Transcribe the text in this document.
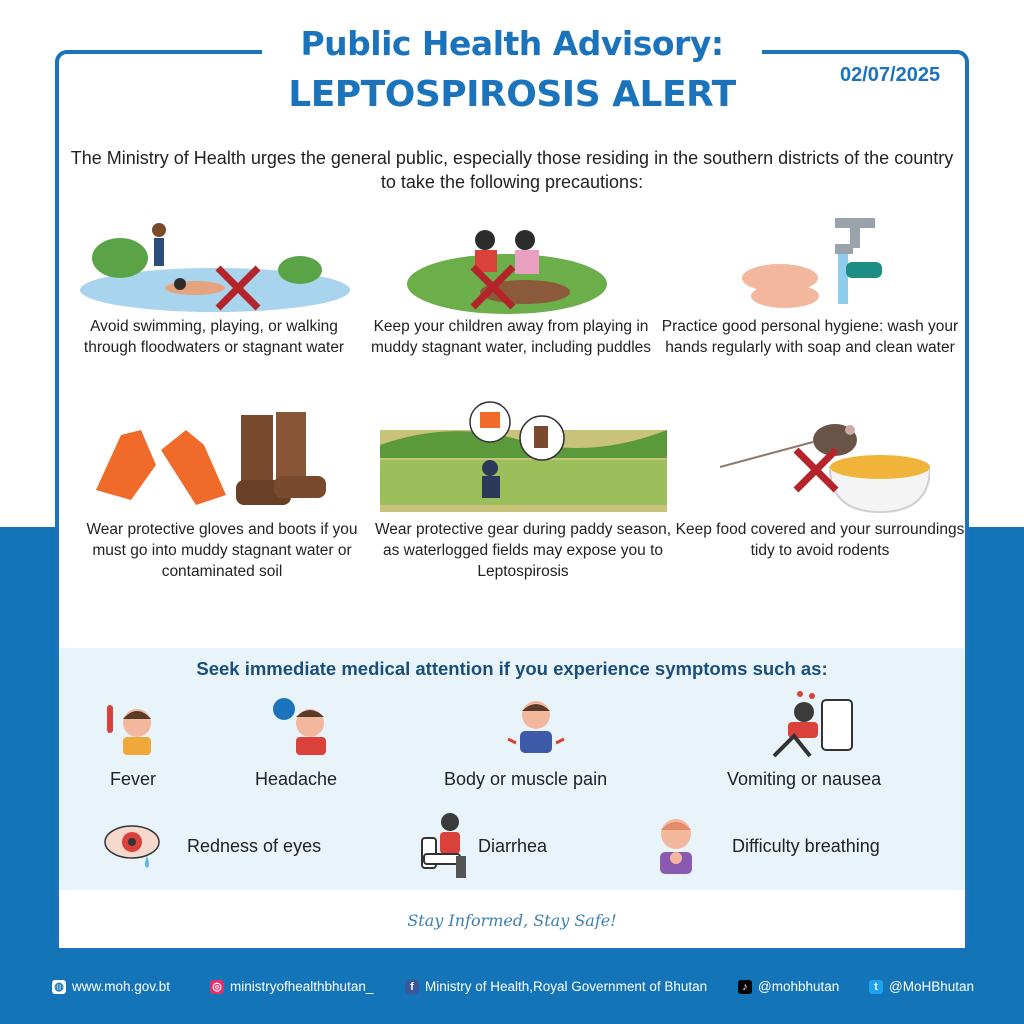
Public Health Advisory:
LEPTOSPIROSIS ALERT	02/07/2025
The Ministry of Health urges the general public, especially those residing in the southern districts of the country to take the following precautions:
Avoid swimming, playing, or walking through floodwaters or stagnant water
Keep your children away from playing in muddy stagnant water, including puddles
Practice good personal hygiene: wash your hands regularly with soap and clean water
Wear protective gloves and boots if you must go into muddy stagnant water or contaminated soil
Wear protective gear during paddy season, as waterlogged fields may expose you to Leptospirosis
Keep food covered and your surroundings tidy to avoid rodents
Seek immediate medical attention if you experience symptoms such as:
Fever	Headache	Body or muscle pain	Vomiting or nausea
Redness of eyes	Diarrhea	Difficulty breathing
Stay Informed, Stay Safe!
◍ www.moh.gov.bt	◎ ministryofhealthbhutan_	f Ministry of Health,Royal Government of Bhutan	♪ @mohbhutan	t @MoHBhutan
